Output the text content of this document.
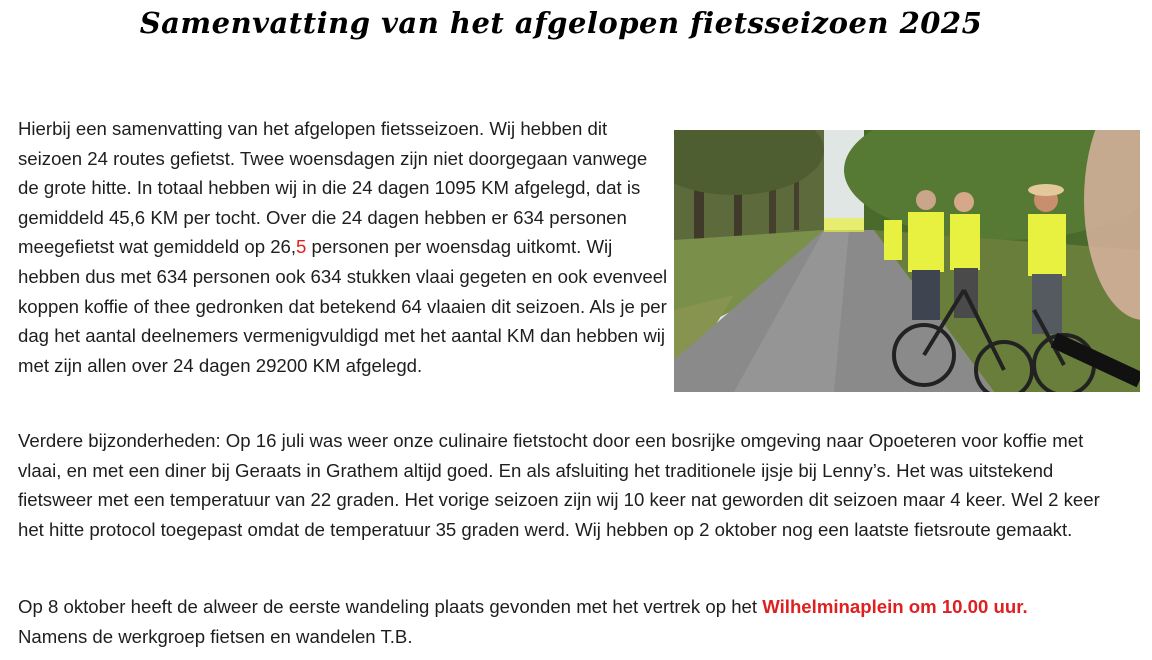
Samenvatting van het afgelopen fietsseizoen 2025

Hierbij een samenvatting van het afgelopen fietsseizoen. Wij hebben dit seizoen 24 routes gefietst. Twee woensdagen zijn niet doorgegaan vanwege de grote hitte. In totaal hebben wij in die 24 dagen 1095 KM afgelegd, dat is gemiddeld 45,6 KM per tocht. Over die 24 dagen hebben er 634 personen meegefietst wat gemiddeld op 26,5 personen per woensdag uitkomt. Wij hebben dus met 634 personen ook 634 stukken vlaai gegeten en ook evenveel koppen koffie of thee gedronken dat betekend 64 vlaaien dit seizoen. Als je per dag het aantal deelnemers vermenigvuldigd met het aantal KM dan hebben wij met zijn allen over 24 dagen 29200 KM afgelegd.

Verdere bijzonderheden: Op 16 juli was weer onze culinaire fietstocht door een bosrijke omgeving naar Opoeteren voor koffie met vlaai, en met een diner bij Geraats in Grathem altijd goed. En als afsluiting het traditionele ijsje bij Lenny’s. Het was uitstekend fietsweer met een temperatuur van 22 graden. Het vorige seizoen zijn wij 10 keer nat geworden dit seizoen maar 4 keer. Wel 2 keer het hitte protocol toegepast omdat de temperatuur 35 graden werd. Wij hebben op 2 oktober nog een laatste fietsroute gemaakt.

Op 8 oktober heeft de alweer de eerste wandeling plaats gevonden met het vertrek op het Wilhelminaplein om 10.00 uur.Namens de werkgroep fietsen en wandelen T.B.
